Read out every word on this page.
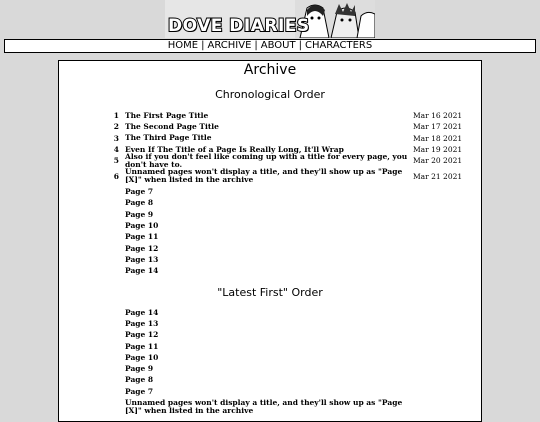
DOVE DIARIES
HOME | ARCHIVE | ABOUT | CHARACTERS
Archive
Chronological Order
1 The First Page Title	Mar 16 2021
2 The Second Page Title	Mar 17 2021
3 The Third Page Title	Mar 18 2021
4 Even If The Title of a Page Is Really Long, It'll Wrap	Mar 19 2021
5 Also if you don't feel like coming up with a title for every page, you don't have to.	Mar 20 2021
6 Unnamed pages won't display a title, and they'll show up as "Page [X]" when listed in the archive	Mar 21 2021
Page 7
Page 8
Page 9
Page 10
Page 11
Page 12
Page 13
Page 14
"Latest First" Order
Page 14
Page 13
Page 12
Page 11
Page 10
Page 9
Page 8
Page 7
Unnamed pages won't display a title, and they'll show up as "Page [X]" when listed in the archive
